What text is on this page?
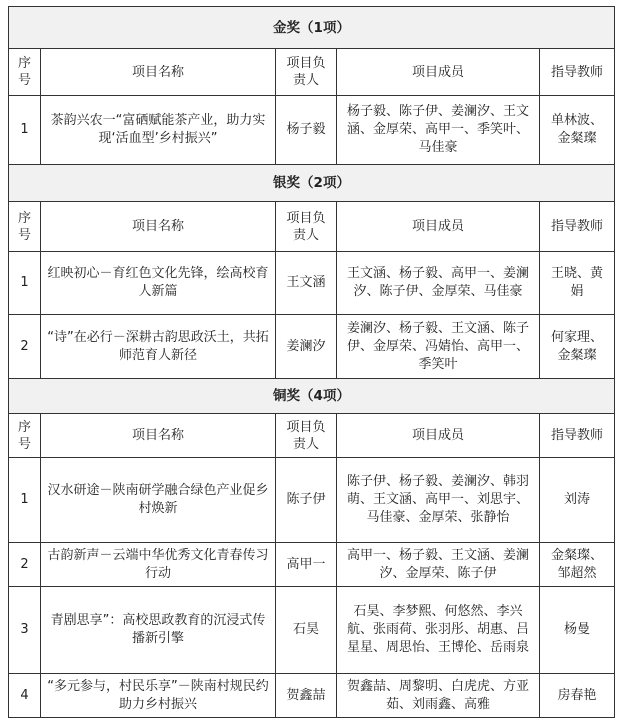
金奖（1项）				
序号	项目名称	项目负责人	项目成员	指导教师
1	茶韵兴农一“富硒赋能茶产业，助力实现‘活血型’乡村振兴”	杨子毅	杨子毅、陈子伊、姜澜汐、王文涵、金厚荣、高甲一、季笑叶、马佳豪	单林波、金粲璨
银奖（2项）				
序号	项目名称	项目负责人	项目成员	指导教师
1	红映初心－育红色文化先锋，绘高校育人新篇	王文涵	王文涵、杨子毅、高甲一、姜澜汐、陈子伊、金厚荣、马佳豪	王晓、黄娟
2	“诗”在必行－深耕古韵思政沃土，共拓师范育人新径	姜澜汐	姜澜汐、杨子毅、王文涵、陈子伊、金厚荣、冯婧怡、高甲一、季笑叶	何家理、金粲璨
铜奖（4项）				
序号	项目名称	项目负责人	项目成员	指导教师
1	汉水研途－陕南研学融合绿色产业促乡村焕新	陈子伊	陈子伊、杨子毅、姜澜汐、韩羽萌、王文涵、高甲一、刘思宇、马佳豪、金厚荣、张静怡	刘涛
2	古韵新声－云端中华优秀文化青春传习行动	高甲一	高甲一、杨子毅、王文涵、姜澜汐、金厚荣、陈子伊	金粲璨、邹超然
3	青剧思享”：高校思政教育的沉浸式传播新引擎	石昊	石昊、李梦熙、何悠然、李兴航、张雨荷、张羽彤、胡惠、吕星星、周思怡、王博伦、岳雨泉	杨曼
4	“多元参与，村民乐享”－陕南村规民约助力乡村振兴	贺鑫喆	贺鑫喆、周黎明、白虎虎、方亚茹、刘雨鑫、高雅	房春艳
